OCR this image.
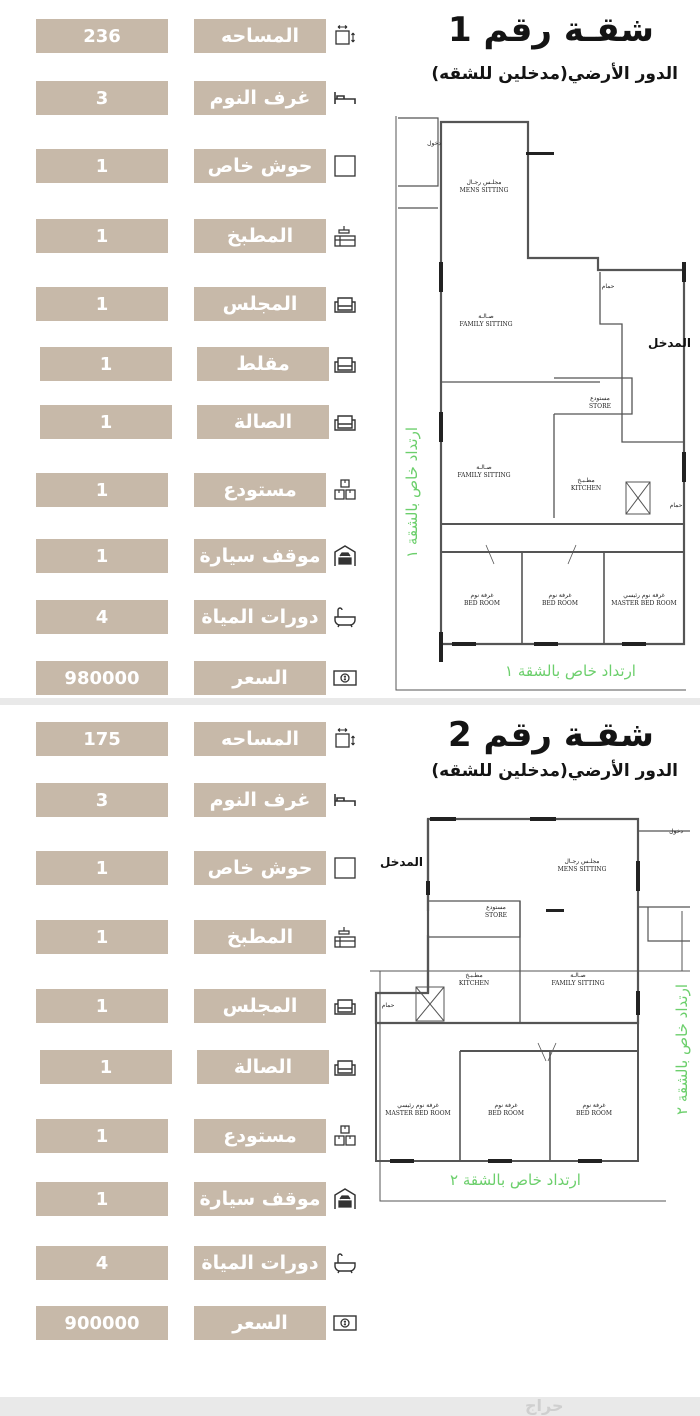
شقـة رقم 1
الدور الأرضي(مدخلين للشقه)
236	المساحه
3	غرف النوم
1	حوش خاص
1	المطبخ
1	المجلس
1	مقلط
1	الصالة
1	مستودع
1	موقف سيارة
4	دورات المياة
980000	السعر
مجلـس رجـال
MENS SITTING
صـالـة
FAMILY SITTING
صـالـة
FAMILY SITTING
مستودع
STORE
مطـبـخ
KITCHEN
غرفة نوم
BED ROOM
غرفة نوم
BED ROOM
غرفة نوم رئيسي
MASTER BED ROOM
حمام
حمام
دخول
المدخل
ارتداد خاص بالشقة ١
ارتداد خاص بالشقة ١
شقـة رقم 2
الدور الأرضي(مدخلين للشقه)
175	المساحه
3	غرف النوم
1	حوش خاص
1	المطبخ
1	المجلس
1	الصالة
1	مستودع
1	موقف سيارة
4	دورات المياة
900000	السعر
مجلـس رجـال
MENS SITTING
صـالـة
FAMILY SITTING
مستودع
STORE
مطـبـخ
KITCHEN
غرفة نوم رئيسي
MASTER BED ROOM
غرفة نوم
BED ROOM
غرفة نوم
BED ROOM
حمام
دخول
المدخل
ارتداد خاص بالشقة ٢
ارتداد خاص بالشقة ٢
حراج
